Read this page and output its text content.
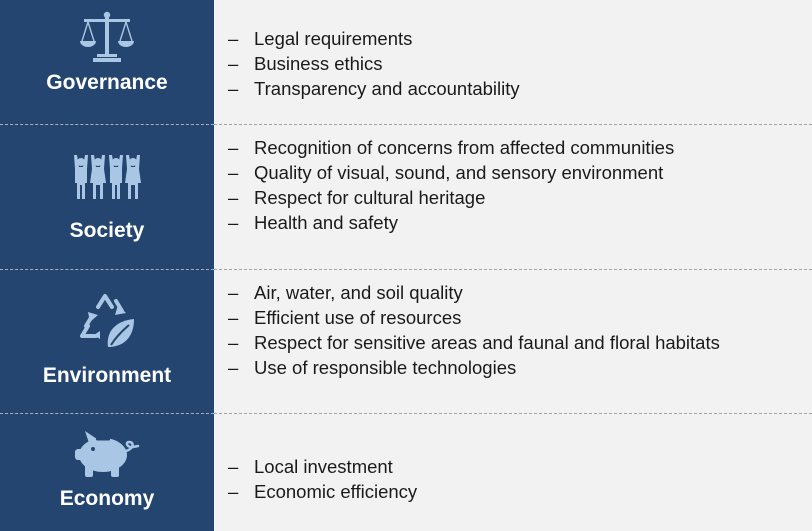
Governance
– Legal requirements
– Business ethics
– Transparency and accountability
Society
– Recognition of concerns from affected communities
– Quality of visual, sound, and sensory environment
– Respect for cultural heritage
– Health and safety
Environment
– Air, water, and soil quality
– Efficient use of resources
– Respect for sensitive areas and faunal and floral habitats
– Use of responsible technologies
Economy
– Local investment
– Economic efficiency
